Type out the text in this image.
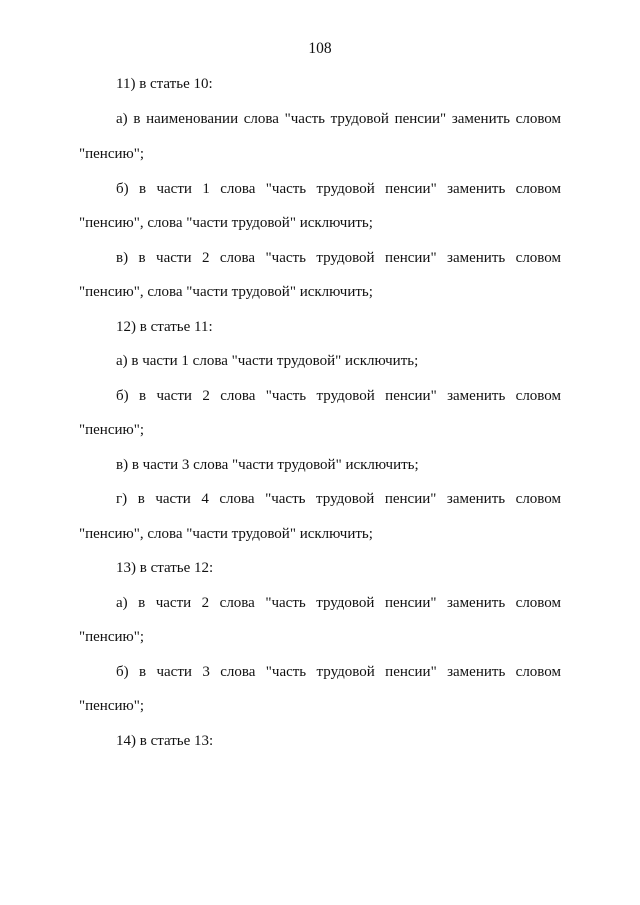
108
11) в статье 10:
а) в наименовании слова "часть трудовой пенсии" заменить словом
"пенсию";
б) в части 1 слова "часть трудовой пенсии" заменить словом
"пенсию", слова "части трудовой" исключить;
в) в части 2 слова "часть трудовой пенсии" заменить словом
"пенсию", слова "части трудовой" исключить;
12) в статье 11:
а) в части 1 слова "части трудовой" исключить;
б) в части 2 слова "часть трудовой пенсии" заменить словом
"пенсию";
в) в части 3 слова "части трудовой" исключить;
г) в части 4 слова "часть трудовой пенсии" заменить словом
"пенсию", слова "части трудовой" исключить;
13) в статье 12:
а) в части 2 слова "часть трудовой пенсии" заменить словом
"пенсию";
б) в части 3 слова "часть трудовой пенсии" заменить словом
"пенсию";
14) в статье 13:
